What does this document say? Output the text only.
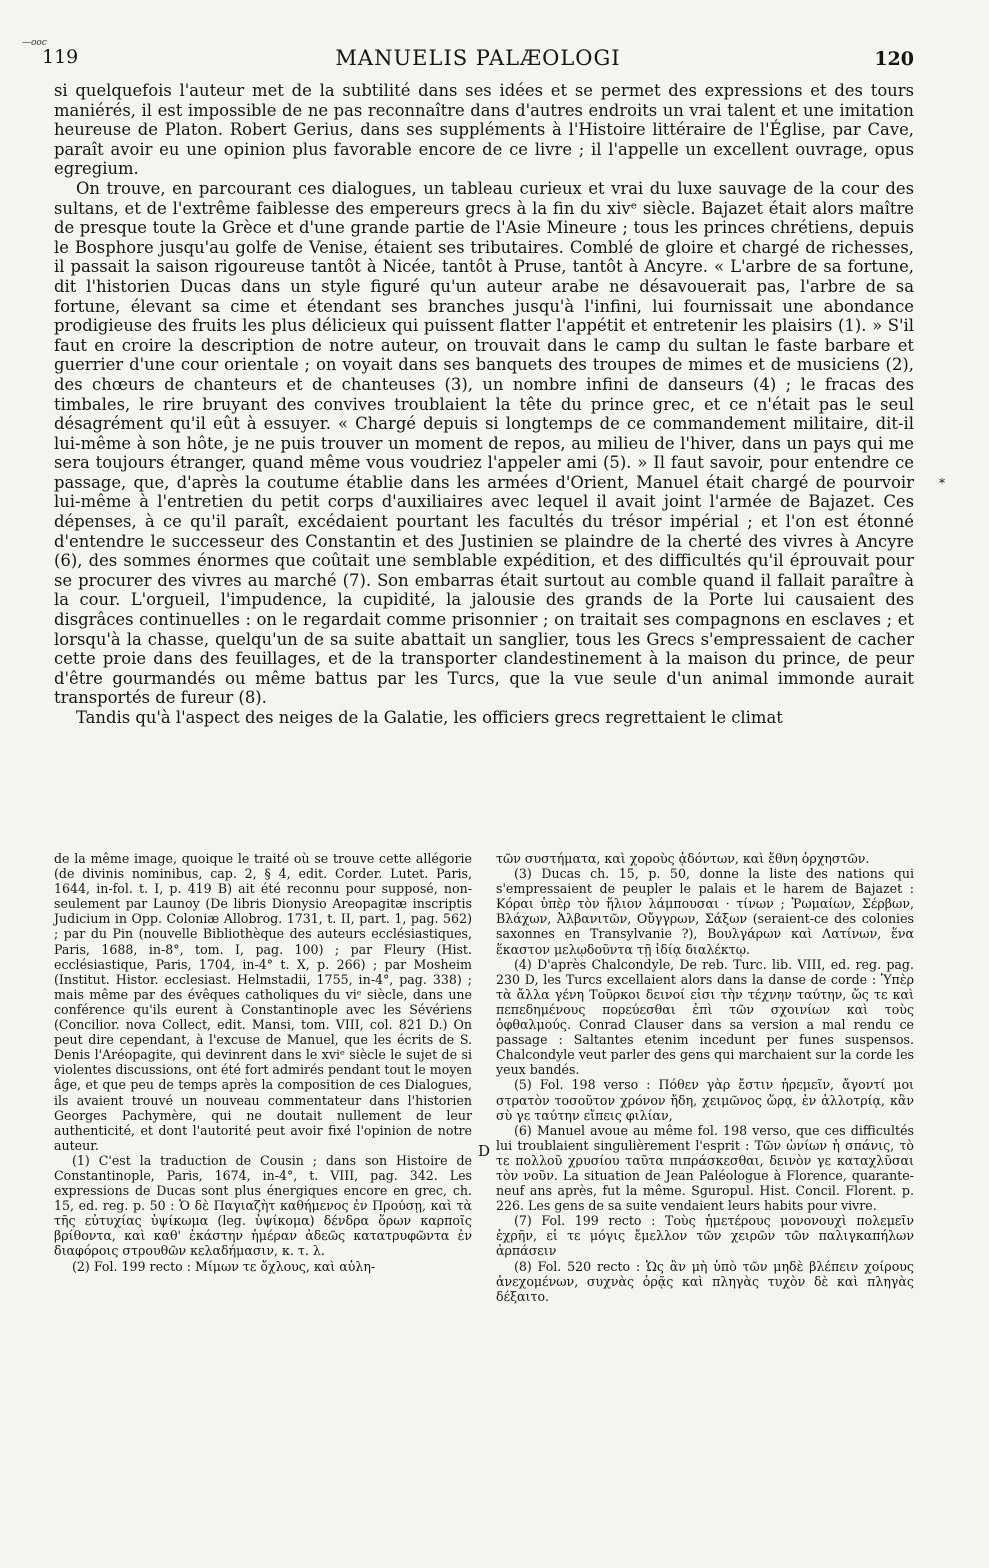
—ooc
119	MANUELIS PALÆOLOGI	120

si quelquefois l'auteur met de la subtilité dans ses idées et se permet des expressions et des tours maniérés, il est impossible de ne pas reconnaître dans d'autres endroits un vrai talent et une imitation heureuse de Platon. Robert Gerius, dans ses suppléments à l'Histoire littéraire de l'Église, par Cave, paraît avoir eu une opinion plus favorable encore de ce livre ; il l'appelle un excellent ouvrage, opus egregium.

On trouve, en parcourant ces dialogues, un tableau curieux et vrai du luxe sauvage de la cour des sultans, et de l'extrême faiblesse des empereurs grecs à la fin du xivᵉ siècle. Bajazet était alors maître de presque toute la Grèce et d'une grande partie de l'Asie Mineure ; tous les princes chrétiens, depuis le Bosphore jusqu'au golfe de Venise, étaient ses tributaires. Comblé de gloire et chargé de richesses, il passait la saison rigoureuse tantôt à Nicée, tantôt à Pruse, tantôt à Ancyre. « L'arbre de sa fortune, dit l'historien Ducas dans un style figuré qu'un auteur arabe ne désavouerait pas, l'arbre de sa fortune, élevant sa cime et étendant ses branches jusqu'à l'infini, lui fournissait une abondance prodigieuse des fruits les plus délicieux qui puissent flatter l'appétit et entretenir les plaisirs (1). » S'il faut en croire la description de notre auteur, on trouvait dans le camp du sultan le faste barbare et guerrier d'une cour orientale ; on voyait dans ses banquets des troupes de mimes et de musiciens (2), des chœurs de chanteurs et de chanteuses (3), un nombre infini de danseurs (4) ; le fracas des timbales, le rire bruyant des convives troublaient la tête du prince grec, et ce n'était pas le seul désagrément qu'il eût à essuyer. « Chargé depuis si longtemps de ce commandement militaire, dit-il lui-même à son hôte, je ne puis trouver un moment de repos, au milieu de l'hiver, dans un pays qui me sera toujours étranger, quand même vous voudriez l'appeler ami (5). » Il faut savoir, pour entendre ce passage, que, d'après la coutume établie dans les armées d'Orient, Manuel était chargé de pourvoir lui-même à l'entretien du petit corps d'auxiliaires avec lequel il avait joint l'armée de Bajazet. Ces dépenses, à ce qu'il paraît, excédaient pourtant les facultés du trésor impérial ; et l'on est étonné d'entendre le successeur des Constantin et des Justinien se plaindre de la cherté des vivres à Ancyre (6), des sommes énormes que coûtait une semblable expédition, et des difficultés qu'il éprouvait pour se procurer des vivres au marché (7). Son embarras était surtout au comble quand il fallait paraître à la cour. L'orgueil, l'impudence, la cupidité, la jalousie des grands de la Porte lui causaient des disgrâces continuelles : on le regardait comme prisonnier ; on traitait ses compagnons en esclaves ; et lorsqu'à la chasse, quelqu'un de sa suite abattait un sanglier, tous les Grecs s'empressaient de cacher cette proie dans des feuillages, et de la transporter clandestinement à la maison du prince, de peur d'être gourmandés ou même battus par les Turcs, que la vue seule d'un animal immonde aurait transportés de fureur (8).

Tandis qu'à l'aspect des neiges de la Galatie, les officiers grecs regrettaient le climat

*
D

de la même image, quoique le traité où se trouve cette allégorie (de divinis nominibus, cap. 2, § 4, edit. Corder. Lutet. Paris, 1644, in-fol. t. I, p. 419 B) ait été reconnu pour supposé, non-seulement par Launoy (De libris Dionysio Areopagitæ inscriptis Judicium in Opp. Coloniæ Allobrog. 1731, t. II, part. 1, pag. 562) ; par du Pin (nouvelle Bibliothèque des auteurs ecclésiastiques, Paris, 1688, in-8°, tom. I, pag. 100) ; par Fleury (Hist. ecclésiastique, Paris, 1704, in-4° t. X, p. 266) ; par Mosheim (Institut. Histor. ecclesiast. Helmstadii, 1755, in-4°, pag. 338) ; mais même par des évêques catholiques du viᵉ siècle, dans une conférence qu'ils eurent à Constantinople avec les Sévériens (Concilior. nova Collect, edit. Mansi, tom. VIII, col. 821 D.) On peut dire cependant, à l'excuse de Manuel, que les écrits de S. Denis l'Aréopagite, qui devinrent dans le xviᵉ siècle le sujet de si violentes discussions, ont été fort admirés pendant tout le moyen âge, et que peu de temps après la composition de ces Dialogues, ils avaient trouvé un nouveau commentateur dans l'historien Georges Pachymère, qui ne doutait nullement de leur authenticité, et dont l'autorité peut avoir fixé l'opinion de notre auteur.

(1) C'est la traduction de Cousin ; dans son Histoire de Constantinople, Paris, 1674, in-4°, t. VIII, pag. 342. Les expressions de Ducas sont plus énergiques encore en grec, ch. 15, ed. reg. p. 50 : Ὁ δὲ Παγιαζὴτ καθήμενος ἐν Προύσῃ, καὶ τὰ τῆς εὐτυχίας ὑψίκωμα (leg. ὑψίκομα) δένδρα ὅρων καρποῖς βρίθοντα, καὶ καθ' ἑκάστην ἡμέραν ἀδεῶς κατατρυφῶντα ἐν διαφόροις στρουθῶν κελαδήμασιν, κ. τ. λ.

(2) Fol. 199 recto : Μίμων τε ὄχλους, καὶ αὐλη-

τῶν συστήματα, καὶ χοροὺς ᾀδόντων, καὶ ἔθνη ὀρχηστῶν.

(3) Ducas ch. 15, p. 50, donne la liste des nations qui s'empressaient de peupler le palais et le harem de Bajazet : Κόραι ὑπὲρ τὸν ἥλιον λάμπουσαι · τίνων ; Ῥωμαίων, Σέρβων, Βλάχων, Ἀλβανιτῶν, Οὔγγρων, Σάξων (seraient-ce des colonies saxonnes en Transylvanie ?), Βουλγάρων καὶ Λατίνων, ἕνα ἕκαστον μελῳδοῦντα τῇ ἰδίᾳ διαλέκτῳ.

(4) D'après Chalcondyle, De reb. Turc. lib. VIII, ed. reg. pag. 230 D, les Turcs excellaient alors dans la danse de corde : Ὑπὲρ τὰ ἄλλα γένη Τοῦρκοι δεινοί εἰσι τὴν τέχνην ταύτην, ὥς τε καὶ πεπεδημένους πορεύεσθαι ἐπὶ τῶν σχοινίων καὶ τοὺς ὀφθαλμούς. Conrad Clauser dans sa version a mal rendu ce passage : Saltantes etenim incedunt per funes suspensos. Chalcondyle veut parler des gens qui marchaient sur la corde les yeux bandés.

(5) Fol. 198 verso : Πόθεν γὰρ ἔστιν ἠρεμεῖν, ἄγοντί μοι στρατὸν τοσοῦτον χρόνον ἤδη, χειμῶνος ὥρᾳ, ἐν ἀλλοτρίᾳ, κἂν σὺ γε ταύτην εἴπεις φιλίαν,

(6) Manuel avoue au même fol. 198 verso, que ces difficultés lui troublaient singulièrement l'esprit : Τῶν ὠνίων ἡ σπάνις, τὸ τε πολλοῦ χρυσίου ταῦτα πιπράσκεσθαι, δεινὸν γε καταχλῦσαι τὸν νοῦν. La situation de Jean Paléologue à Florence, quarante-neuf ans après, fut la même. Sguropul. Hist. Concil. Florent. p. 226. Les gens de sa suite vendaient leurs habits pour vivre.

(7) Fol. 199 recto : Τοὺς ἡμετέρους μονονουχὶ πολεμεῖν ἐχρῆν, εἰ τε μόγις ἔμελλον τῶν χειρῶν τῶν παλιγκαπήλων ἁρπάσειν

(8) Fol. 520 recto : Ὡς ἂν μὴ ὑπὸ τῶν μηδὲ βλέπειν χοίρους ἀνεχομένων, συχνὰς ὀρᾷς καὶ πληγὰς τυχὸν δὲ καὶ πληγὰς δέξαιτο.
